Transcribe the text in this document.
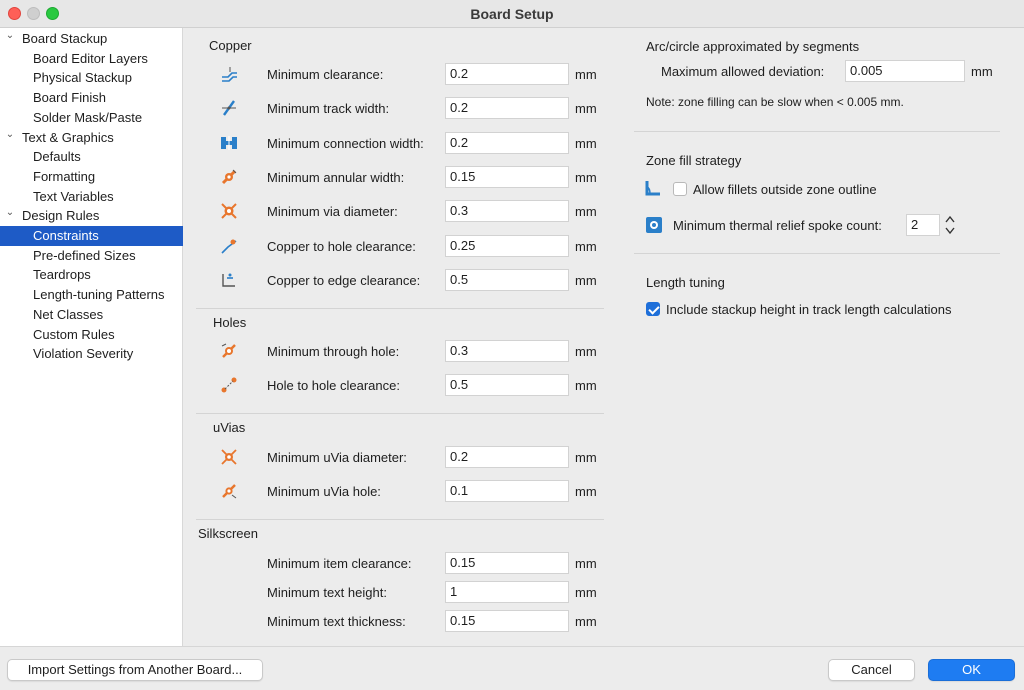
Board Setup
⌄ Board Stackup
Board Editor Layers
Physical Stackup
Board Finish
Solder Mask/Paste
⌄ Text & Graphics
Defaults
Formatting
Text Variables
⌄ Design Rules
Constraints
Pre-defined Sizes
Teardrops
Length-tuning Patterns
Net Classes
Custom Rules
Violation Severity
Copper
Minimum clearance:	0.2	mm
Minimum track width:	0.2	mm
Minimum connection width:	0.2	mm
Minimum annular width:	0.15	mm
Minimum via diameter:	0.3	mm
Copper to hole clearance:	0.25	mm
Copper to edge clearance:	0.5	mm
Holes
Minimum through hole:	0.3	mm
Hole to hole clearance:	0.5	mm
uVias
Minimum uVia diameter:	0.2	mm
Minimum uVia hole:	0.1	mm
Silkscreen
Minimum item clearance:	0.15	mm
Minimum text height:	1	mm
Minimum text thickness:	0.15	mm
Arc/circle approximated by segments
Maximum allowed deviation:	0.005	mm
Note: zone filling can be slow when < 0.005 mm.
Zone fill strategy
Allow fillets outside zone outline
Minimum thermal relief spoke count:	2
Length tuning
Include stackup height in track length calculations
Import Settings from Another Board...	Cancel	OK
